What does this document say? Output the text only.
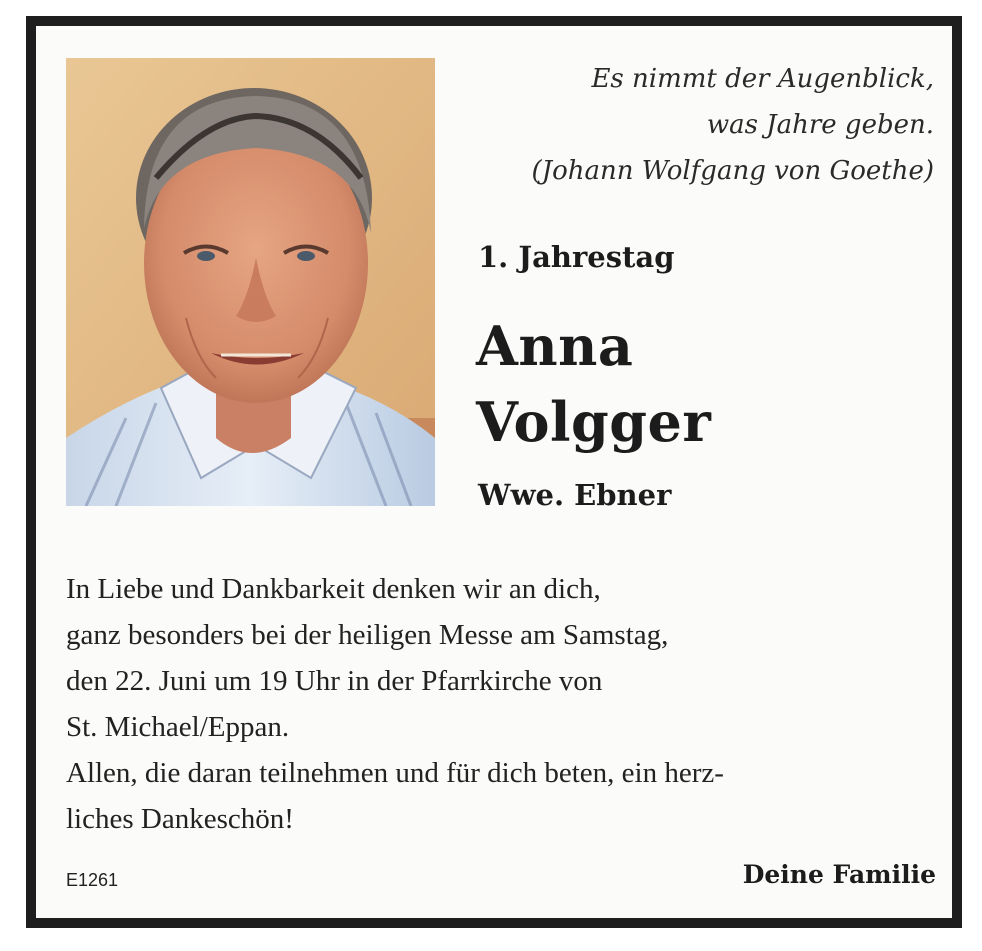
Es nimmt der Augenblick,
was Jahre geben.
(Johann Wolfgang von Goethe)
1. Jahrestag
Anna
Volgger
Wwe. Ebner
In Liebe und Dankbarkeit denken wir an dich,
ganz besonders bei der heiligen Messe am Samstag,
den 22. Juni um 19 Uhr in der Pfarrkirche von
St. Michael/Eppan.
Allen, die daran teilnehmen und für dich beten, ein herz-
liches Dankeschön!
E1261	Deine Familie
